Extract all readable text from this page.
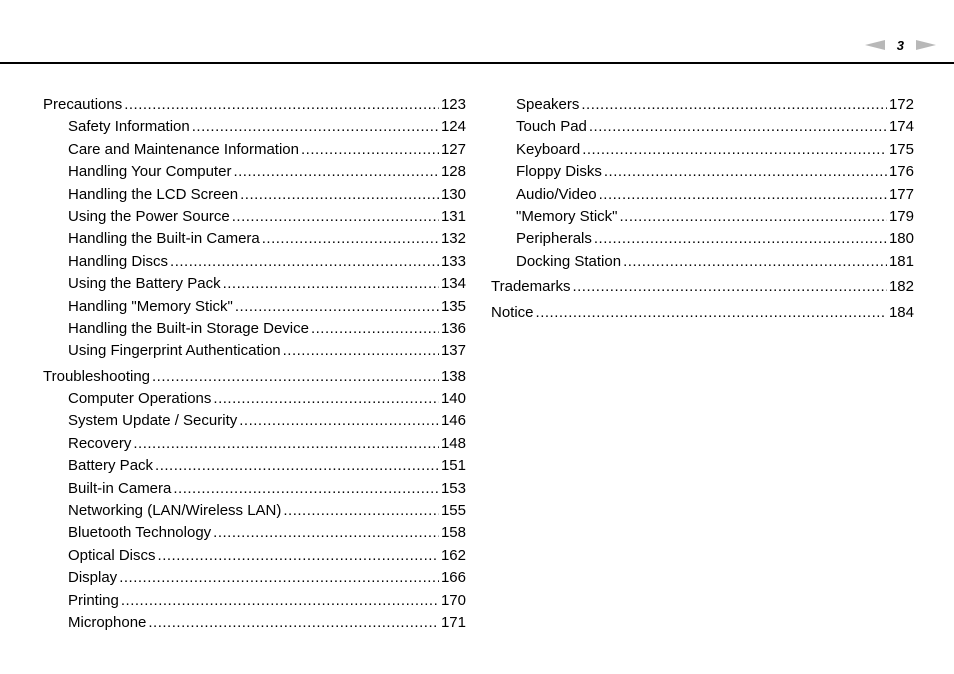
3
Precautions .....	123
Safety Information .....	124
Care and Maintenance Information .....	127
Handling Your Computer .....	128
Handling the LCD Screen .....	130
Using the Power Source .....	131
Handling the Built-in Camera .....	132
Handling Discs .....	133
Using the Battery Pack .....	134
Handling "Memory Stick" .....	135
Handling the Built-in Storage Device .....	136
Using Fingerprint Authentication .....	137
Troubleshooting .....	138
Computer Operations .....	140
System Update / Security .....	146
Recovery .....	148
Battery Pack .....	151
Built-in Camera .....	153
Networking (LAN/Wireless LAN) .....	155
Bluetooth Technology .....	158
Optical Discs .....	162
Display .....	166
Printing .....	170
Microphone .....	171
Speakers .....	172
Touch Pad .....	174
Keyboard .....	175
Floppy Disks .....	176
Audio/Video .....	177
"Memory Stick" .....	179
Peripherals .....	180
Docking Station .....	181
Trademarks .....	182
Notice .....	184
